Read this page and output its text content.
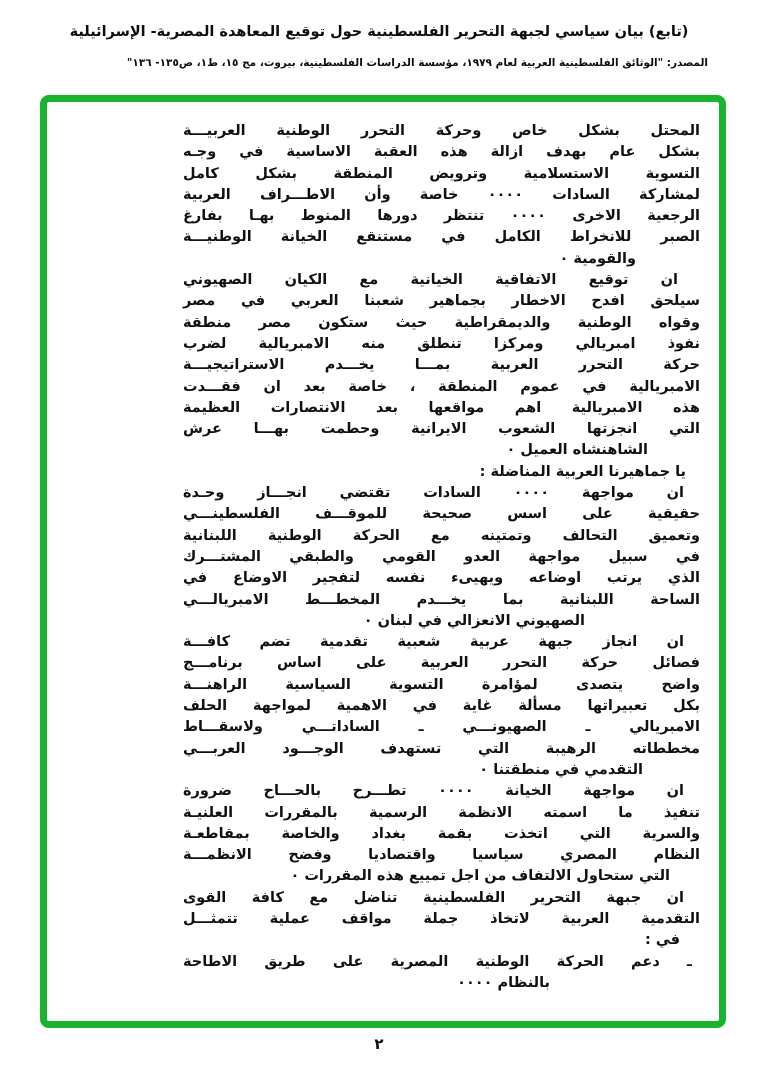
(تابع) بيان سياسي لجبهة التحرير الفلسطينية حول توقيع المعاهدة المصرية- الإسرائيلية
المصدر: "الوثائق الفلسطينية العربية لعام ١٩٧٩، مؤسسة الدراسات الفلسطينية، بيروت، مج ١٥، ط١، ص١٣٥- ١٣٦"
المحتل بشكل خاص وحركة التحرر الوطنية العربيـــة
بشكل عام بهدف ازالة هذه العقبة الاساسية في وجـه
التسوية الاستسلامية وترويض المنطقة بشكل كامل
لمشاركة السادات ٠٠٠٠ خاصة وأن الاطـــراف العربية
الرجعية الاخرى ٠٠٠٠ تنتظر دورها المنوط بهـا بفارغ
الصبر للانخراط الكامل في مستنقع الخيانة الوطنيـــة
والقومية ٠
ان توقيع الاتفاقية الخيانية مع الكيان الصهيوني
سيلحق افدح الاخطار بجماهير شعبنا العربي في مصر
وقواه الوطنية والديمقراطية حيث ستكون مصر منطقة
نفوذ امبريالي ومركزا تنطلق منه الامبريالية لضرب
حركة التحرر العربية بمـــا يخـــدم الاستراتيجيـــة
الامبريالية في عموم المنطقة ، خاصة بعد ان فقـــدت
هذه الامبريالية اهم مواقعها بعد الانتصارات العظيمة
التي انجزتها الشعوب الايرانية وحطمت بهـــا عرش
الشاهنشاه العميل ٠
يا جماهيرنا العربية المناضلة :
ان مواجهة ٠٠٠٠ السادات تقتضي انجـــاز وحـدة
حقيقية على اسس صحيحة للموقـــف الفلسطينـــي
وتعميق التحالف وتمتينه مع الحركة الوطنية اللبنانية
في سبيل مواجهة العدو القومي والطبقي المشتـــرك
الذي يرتب اوضاعه ويهيىء نفسه لتفجير الاوضاع في
الساحة اللبنانية بما يخـــدم المخطـــط الامبريالـــي
الصهيوني الانعزالي في لبنان ٠
ان انجاز جبهة عربية شعبية تقدمية تضم كافـــة
فصائل حركة التحرر العربية على اساس برنامـــج
واضح يتصدى لمؤامرة التسوية السياسية الراهنـــة
بكل تعبيراتها مسألة غاية في الاهمية لمواجهة الحلف
الامبريالي ـ الصهيونـــي ـ الساداتـــي ولاسقـــاط
مخططاته الرهيبة التي تستهدف الوجـــود العربـــي
التقدمي في منطقتنا ٠
ان مواجهة الخيانة ٠٠٠٠ تطـــرح بالحـــاح ضرورة
تنفيذ ما اسمته الانظمة الرسمية بالمقررات العلنيـة
والسرية التي اتخذت بقمة بغداد والخاصة بمقاطعـة
النظام المصري سياسيا واقتصاديا وفضح الانظمـــة
التي ستحاول الالتفاف من اجل تمييع هذه المقررات ٠
ان جبهة التحرير الفلسطينية تناضل مع كافة القوى
التقدمية العربية لاتخاذ جملة مواقف عملية تتمثـــل
في :
ـ دعم الحركة الوطنية المصرية على طريق الاطاحة
بالنظام ٠٠٠٠
٢
